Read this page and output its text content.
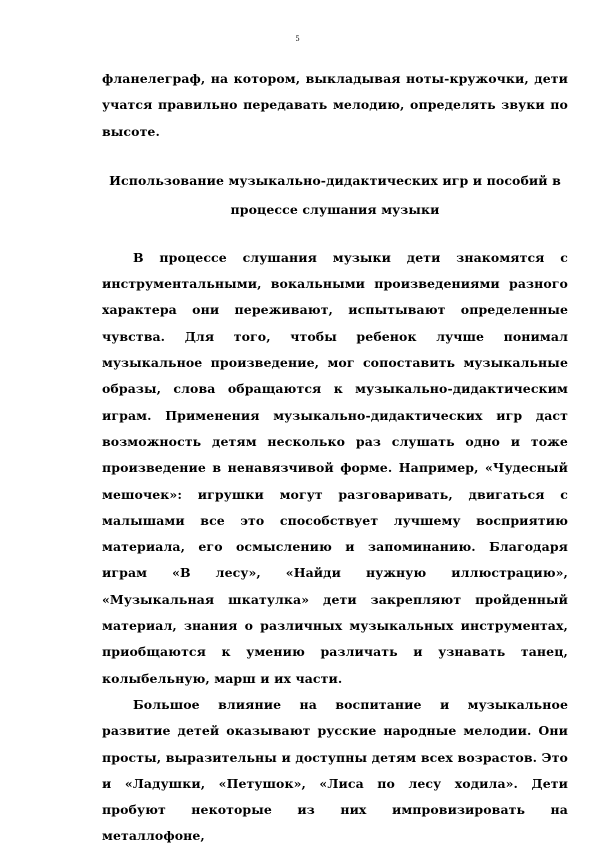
5

фланелеграф, на котором, выкладывая ноты-кружочки, дети учатся правильно передавать мелодию, определять звуки по высоте.

Использование музыкально-дидактических игр и пособий в
процессе слушания музыки

В процессе слушания музыки дети знакомятся с инструментальными, вокальными произведениями разного характера они переживают, испытывают определенные чувства. Для того, чтобы ребенок лучше понимал музыкальное произведение, мог сопоставить музыкальные образы, слова обращаются к музыкально-дидактическим играм. Применения музыкально-дидактических игр даст возможность детям несколько раз слушать одно и тоже произведение в ненавязчивой форме. Например, «Чудесный мешочек»: игрушки могут разговаривать, двигаться с малышами все это способствует лучшему восприятию материала, его осмыслению и запоминанию. Благодаря играм «В лесу», «Найди нужную иллюстрацию», «Музыкальная шкатулка» дети закрепляют пройденный материал, знания о различных музыкальных инструментах, приобщаются к умению различать и узнавать танец, колыбельную, марш и их части.

Большое влияние на воспитание и музыкальное развитие детей оказывают русские народные мелодии. Они просты, выразительны и доступны детям всех возрастов. Это и «Ладушки, «Петушок», «Лиса по лесу ходила». Дети пробуют некоторые из них импровизировать на металлофоне,
